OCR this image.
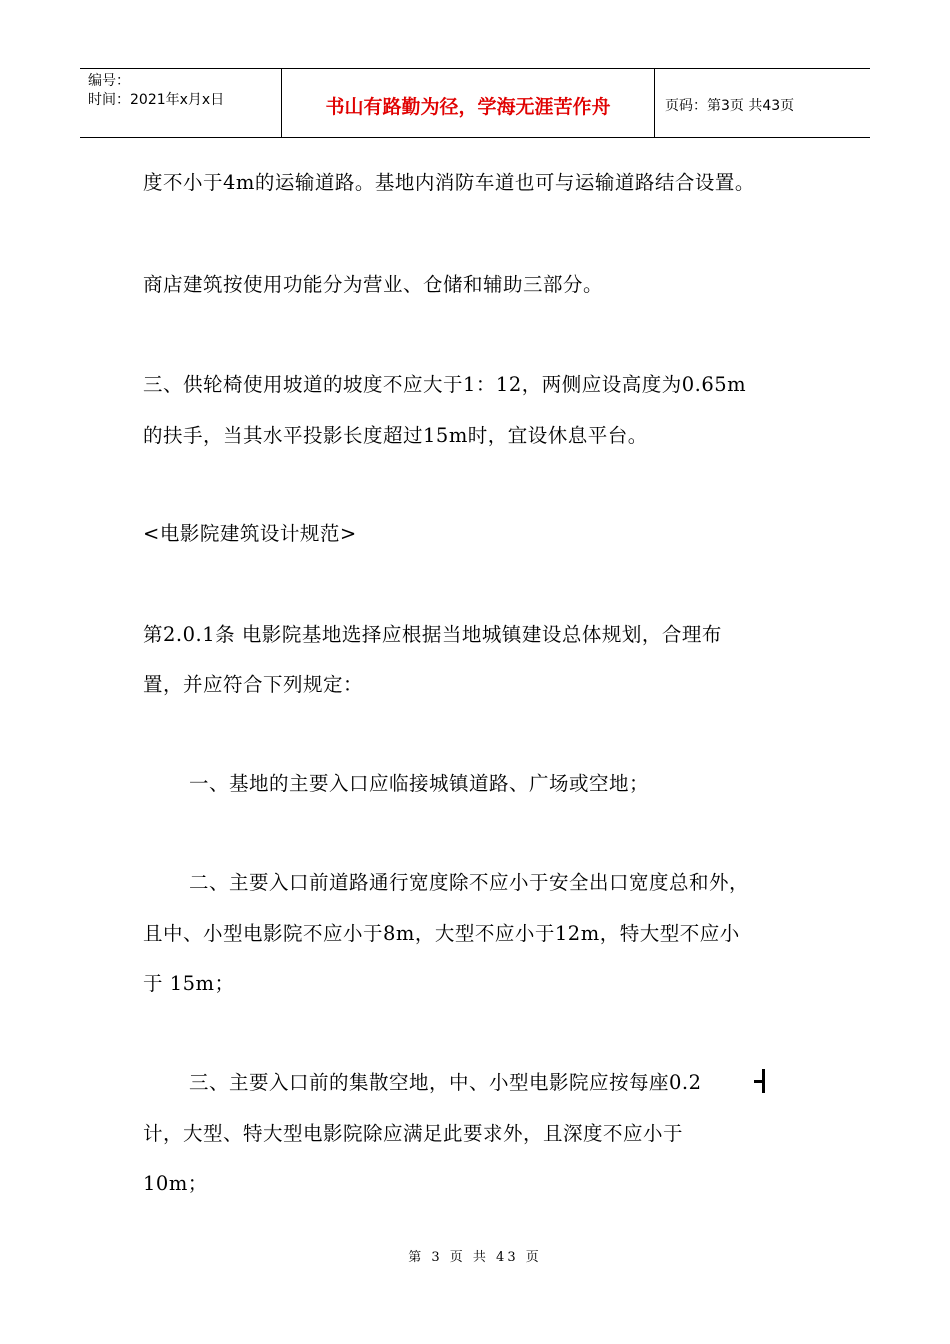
编号：
时间：2021年x月x日	书山有路勤为径，学海无涯苦作舟	页码：第3页 共43页
度不小于4m的运输道路。基地内消防车道也可与运输道路结合设置。
商店建筑按使用功能分为营业、仓储和辅助三部分。
三、供轮椅使用坡道的坡度不应大于1：12，两侧应设高度为0.65m
的扶手，当其水平投影长度超过15m时，宜设休息平台。
<电影院建筑设计规范>
第2.0.1条 电影院基地选择应根据当地城镇建设总体规划，合理布
置，并应符合下列规定：
一、基地的主要入口应临接城镇道路、广场或空地；
二、主要入口前道路通行宽度除不应小于安全出口宽度总和外，
且中、小型电影院不应小于8m，大型不应小于12m，特大型不应小
于 15m；
三、主要入口前的集散空地，中、小型电影院应按每座0.2
计，大型、特大型电影院除应满足此要求外，且深度不应小于
10m；
第 3 页 共 43 页
